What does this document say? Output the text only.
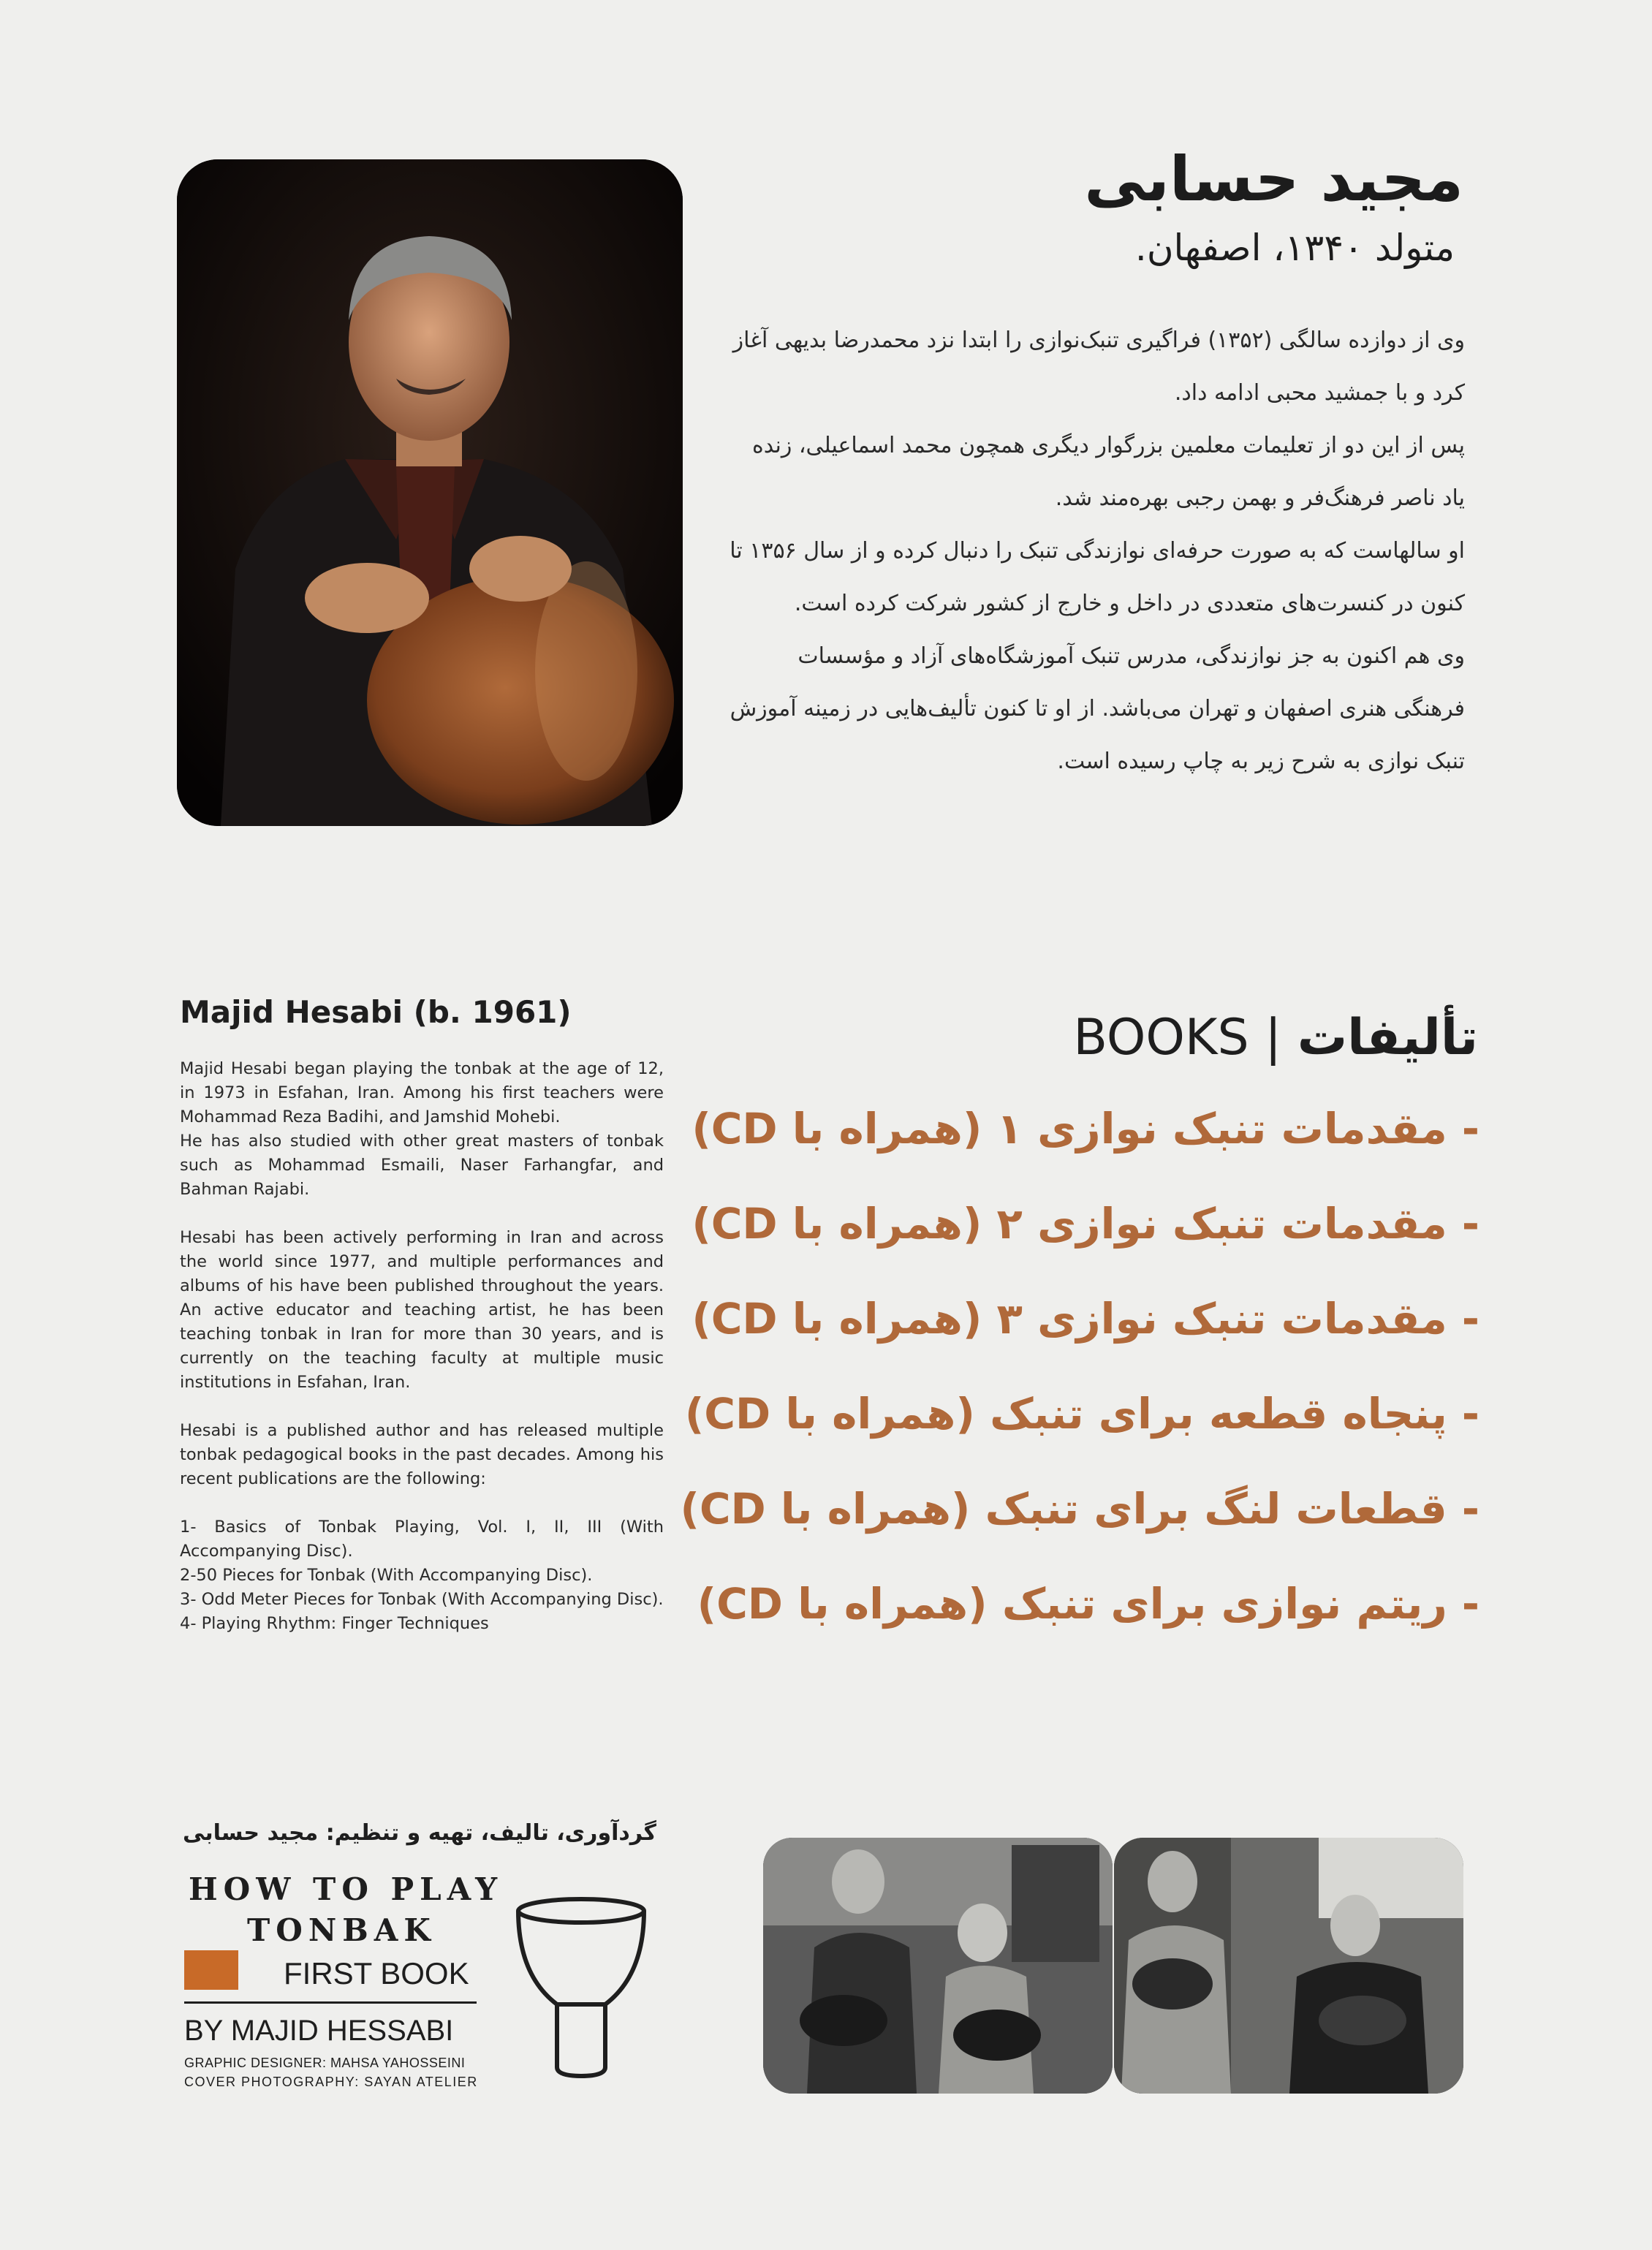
مجید حسابی
متولد ۱۳۴۰، اصفهان.

وی از دوازده سالگی (۱۳۵۲) فراگیری تنبک‌نوازی را ابتدا نزد محمدرضا بدیهی آغاز کرد و با جمشید محبی ادامه داد.

پس از این دو از تعلیمات معلمین بزرگوار دیگری همچون محمد اسماعیلی، زنده یاد ناصر فرهنگ‌فر و بهمن رجبی بهره‌مند شد.

او سالهاست که به صورت حرفه‌ای نوازندگی تنبک را دنبال کرده و از سال ۱۳۵۶ تا کنون در کنسرت‌های متعددی در داخل و خارج از کشور شرکت کرده است.

وی هم اکنون به جز نوازندگی، مدرس تنبک آموزشگاه‌های آزاد و مؤسسات فرهنگی هنری اصفهان و تهران می‌باشد. از او تا کنون تألیف‌هایی در زمینه آموزش تنبک نوازی به شرح زیر به چاپ رسیده است.

Majid Hesabi (b. 1961)

Majid Hesabi began playing the tonbak at the age of 12, in 1973 in Esfahan, Iran. Among his first teachers were Mohammad Reza Badihi, and Jamshid Mohebi.
He has also studied with other great masters of tonbak such as Mohammad Esmaili, Naser Farhangfar, and Bahman Rajabi.

Hesabi has been actively performing in Iran and across the world since 1977, and multiple performances and albums of his have been published throughout the years. An active educator and teaching artist, he has been teaching tonbak in Iran for more than 30 years, and is currently on the teaching faculty at multiple music institutions in Esfahan, Iran.

Hesabi is a published author and has released multiple tonbak pedagogical books in the past decades. Among his recent publications are the following:

1- Basics of Tonbak Playing, Vol. I, II, III (With Accompanying Disc).
2-50 Pieces for Tonbak (With Accompanying Disc).
3- Odd Meter Pieces for Tonbak (With Accompanying Disc).
4- Playing Rhythm: Finger Techniques
BOOKS | تألیفات
- مقدمات تنبک نوازی ۱ (همراه با CD)
- مقدمات تنبک نوازی ۲ (همراه با CD)
- مقدمات تنبک نوازی ۳ (همراه با CD)
- پنجاه قطعه برای تنبک (همراه با CD)
- قطعات لنگ برای تنبک (همراه با CD)
- ریتم نوازی برای تنبک (همراه با CD)
گردآوری، تالیف، تهیه و تنظیم: مجید حسابی
HOW TO PLAY
TONBAK
FIRST BOOK
BY MAJID HESSABI
GRAPHIC DESIGNER: MAHSA YAHOSSEINI
COVER PHOTOGRAPHY: SAYAN ATELIER
